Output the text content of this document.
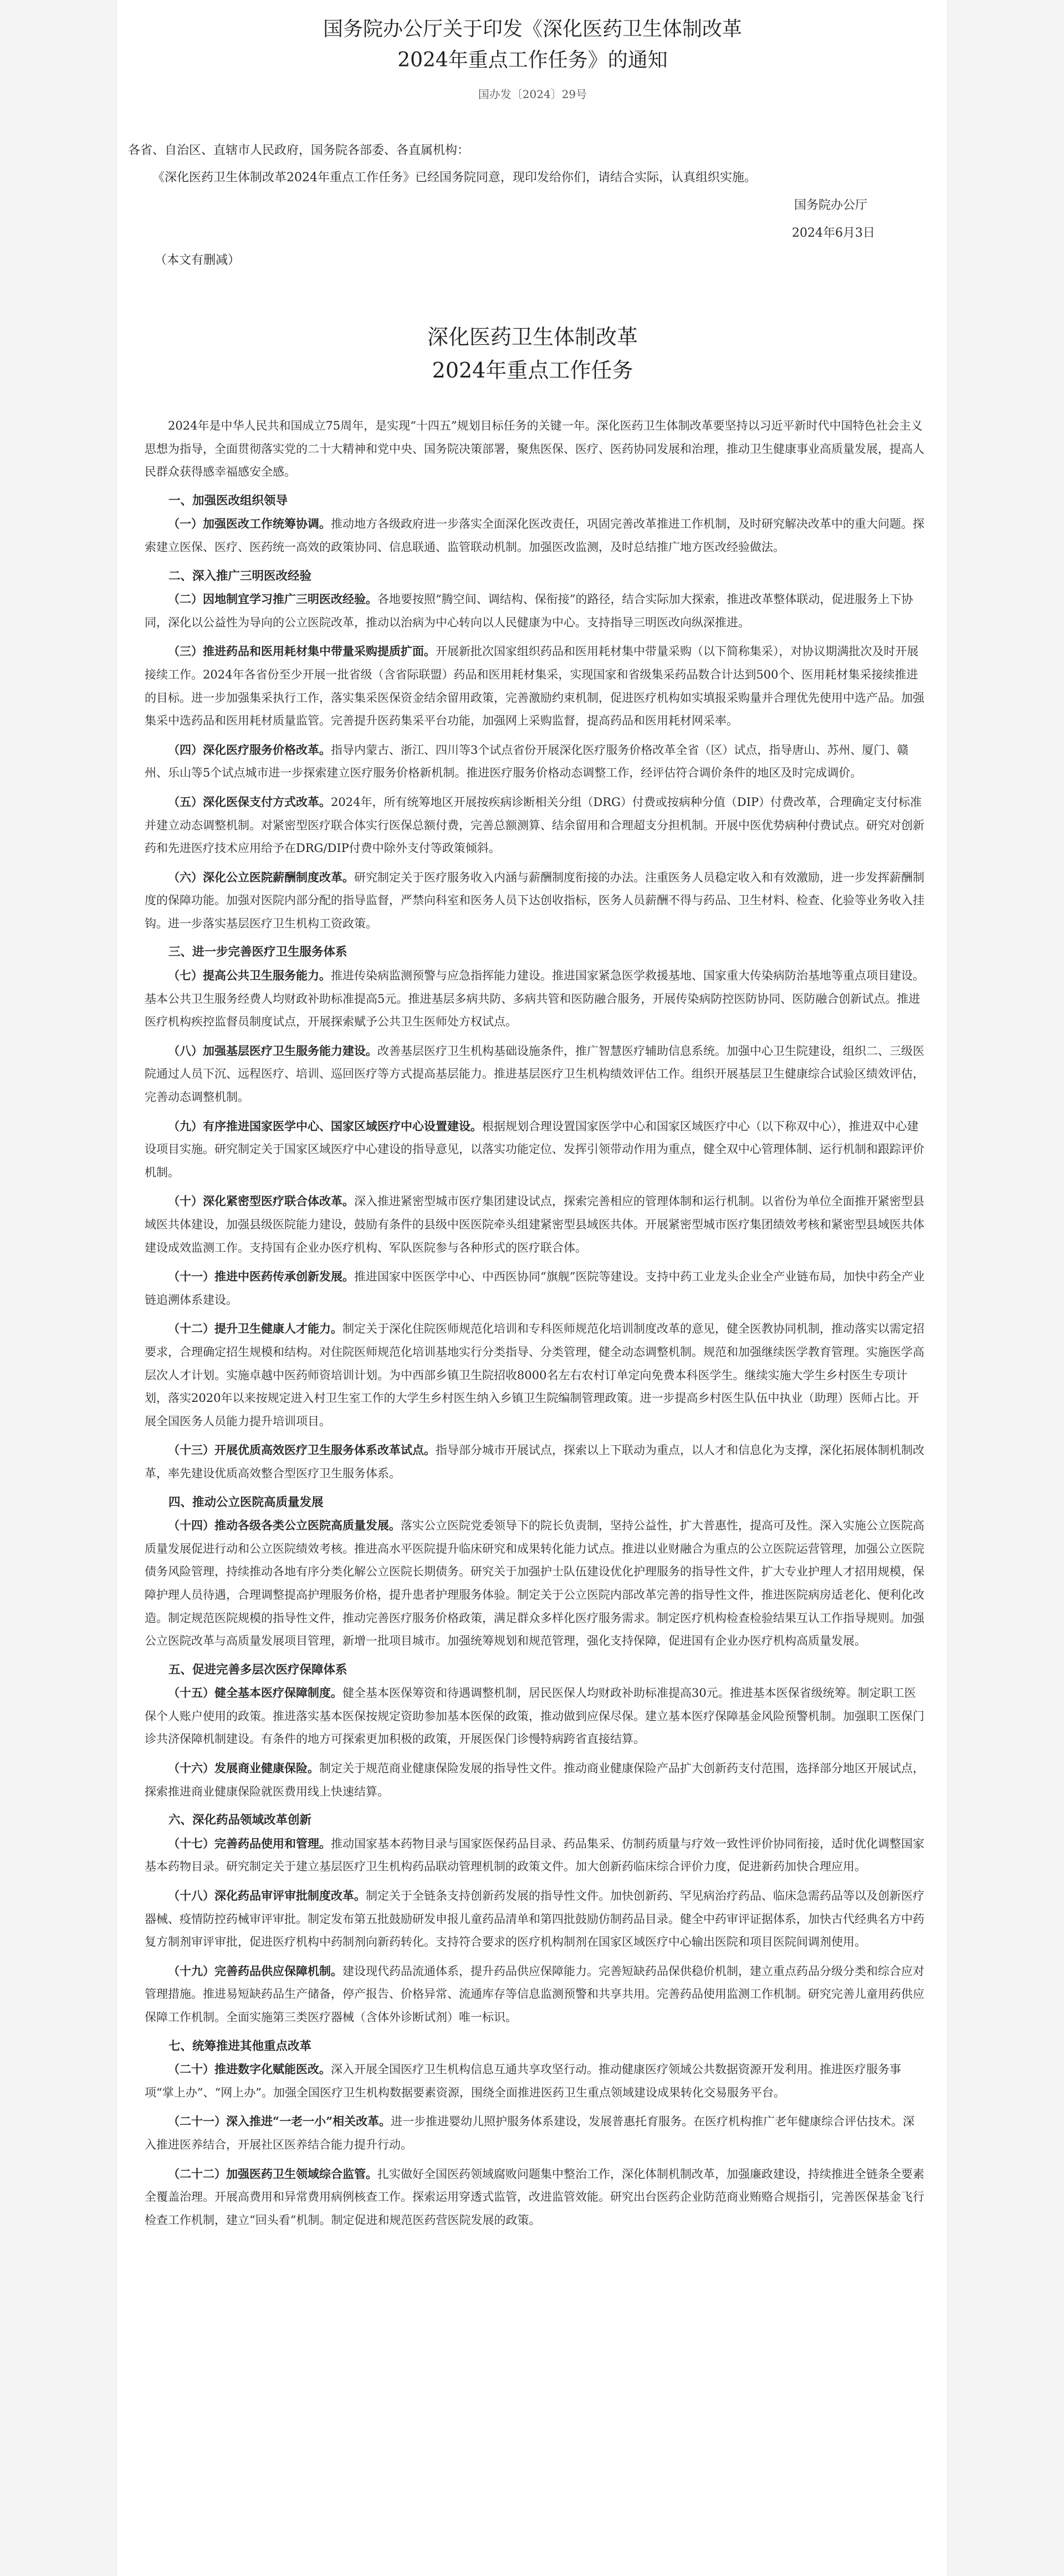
国务院办公厅关于印发《深化医药卫生体制改革
2024年重点工作任务》的通知
国办发〔2024〕29号
各省、自治区、直辖市人民政府，国务院各部委、各直属机构：
《深化医药卫生体制改革2024年重点工作任务》已经国务院同意，现印发给你们，请结合实际，认真组织实施。
国务院办公厅
2024年6月3日
（本文有删减）
深化医药卫生体制改革
2024年重点工作任务

2024年是中华人民共和国成立75周年，是实现“十四五”规划目标任务的关键一年。深化医药卫生体制改革要坚持以习近平新时代中国特色社会主义思想为指导，全面贯彻落实党的二十大精神和党中央、国务院决策部署，聚焦医保、医疗、医药协同发展和治理，推动卫生健康事业高质量发展，提高人民群众获得感幸福感安全感。

一、加强医改组织领导

（一）加强医改工作统筹协调。推动地方各级政府进一步落实全面深化医改责任，巩固完善改革推进工作机制，及时研究解决改革中的重大问题。探索建立医保、医疗、医药统一高效的政策协同、信息联通、监管联动机制。加强医改监测，及时总结推广地方医改经验做法。

二、深入推广三明医改经验

（二）因地制宜学习推广三明医改经验。各地要按照“腾空间、调结构、保衔接”的路径，结合实际加大探索，推进改革整体联动，促进服务上下协同，深化以公益性为导向的公立医院改革，推动以治病为中心转向以人民健康为中心。支持指导三明医改向纵深推进。

（三）推进药品和医用耗材集中带量采购提质扩面。开展新批次国家组织药品和医用耗材集中带量采购（以下简称集采），对协议期满批次及时开展接续工作。2024年各省份至少开展一批省级（含省际联盟）药品和医用耗材集采，实现国家和省级集采药品数合计达到500个、医用耗材集采接续推进的目标。进一步加强集采执行工作，落实集采医保资金结余留用政策，完善激励约束机制，促进医疗机构如实填报采购量并合理优先使用中选产品。加强集采中选药品和医用耗材质量监管。完善提升医药集采平台功能，加强网上采购监督，提高药品和医用耗材网采率。

（四）深化医疗服务价格改革。指导内蒙古、浙江、四川等3个试点省份开展深化医疗服务价格改革全省（区）试点，指导唐山、苏州、厦门、赣州、乐山等5个试点城市进一步探索建立医疗服务价格新机制。推进医疗服务价格动态调整工作，经评估符合调价条件的地区及时完成调价。

（五）深化医保支付方式改革。2024年，所有统筹地区开展按疾病诊断相关分组（DRG）付费或按病种分值（DIP）付费改革，合理确定支付标准并建立动态调整机制。对紧密型医疗联合体实行医保总额付费，完善总额测算、结余留用和合理超支分担机制。开展中医优势病种付费试点。研究对创新药和先进医疗技术应用给予在DRG/DIP付费中除外支付等政策倾斜。

（六）深化公立医院薪酬制度改革。研究制定关于医疗服务收入内涵与薪酬制度衔接的办法。注重医务人员稳定收入和有效激励，进一步发挥薪酬制度的保障功能。加强对医院内部分配的指导监督，严禁向科室和医务人员下达创收指标，医务人员薪酬不得与药品、卫生材料、检查、化验等业务收入挂钩。进一步落实基层医疗卫生机构工资政策。

三、进一步完善医疗卫生服务体系

（七）提高公共卫生服务能力。推进传染病监测预警与应急指挥能力建设。推进国家紧急医学救援基地、国家重大传染病防治基地等重点项目建设。基本公共卫生服务经费人均财政补助标准提高5元。推进基层多病共防、多病共管和医防融合服务，开展传染病防控医防协同、医防融合创新试点。推进医疗机构疾控监督员制度试点，开展探索赋予公共卫生医师处方权试点。

（八）加强基层医疗卫生服务能力建设。改善基层医疗卫生机构基础设施条件，推广智慧医疗辅助信息系统。加强中心卫生院建设，组织二、三级医院通过人员下沉、远程医疗、培训、巡回医疗等方式提高基层能力。推进基层医疗卫生机构绩效评估工作。组织开展基层卫生健康综合试验区绩效评估，完善动态调整机制。

（九）有序推进国家医学中心、国家区域医疗中心设置建设。根据规划合理设置国家医学中心和国家区域医疗中心（以下称双中心），推进双中心建设项目实施。研究制定关于国家区域医疗中心建设的指导意见，以落实功能定位、发挥引领带动作用为重点，健全双中心管理体制、运行机制和跟踪评价机制。

（十）深化紧密型医疗联合体改革。深入推进紧密型城市医疗集团建设试点，探索完善相应的管理体制和运行机制。以省份为单位全面推开紧密型县域医共体建设，加强县级医院能力建设，鼓励有条件的县级中医医院牵头组建紧密型县域医共体。开展紧密型城市医疗集团绩效考核和紧密型县域医共体建设成效监测工作。支持国有企业办医疗机构、军队医院参与各种形式的医疗联合体。

（十一）推进中医药传承创新发展。推进国家中医医学中心、中西医协同“旗舰”医院等建设。支持中药工业龙头企业全产业链布局，加快中药全产业链追溯体系建设。

（十二）提升卫生健康人才能力。制定关于深化住院医师规范化培训和专科医师规范化培训制度改革的意见，健全医教协同机制，推动落实以需定招要求，合理确定招生规模和结构。对住院医师规范化培训基地实行分类指导、分类管理，健全动态调整机制。规范和加强继续医学教育管理。实施医学高层次人才计划。实施卓越中医药师资培训计划。为中西部乡镇卫生院招收8000名左右农村订单定向免费本科医学生。继续实施大学生乡村医生专项计划，落实2020年以来按规定进入村卫生室工作的大学生乡村医生纳入乡镇卫生院编制管理政策。进一步提高乡村医生队伍中执业（助理）医师占比。开展全国医务人员能力提升培训项目。

（十三）开展优质高效医疗卫生服务体系改革试点。指导部分城市开展试点，探索以上下联动为重点，以人才和信息化为支撑，深化拓展体制机制改革，率先建设优质高效整合型医疗卫生服务体系。

四、推动公立医院高质量发展

（十四）推动各级各类公立医院高质量发展。落实公立医院党委领导下的院长负责制，坚持公益性，扩大普惠性，提高可及性。深入实施公立医院高质量发展促进行动和公立医院绩效考核。推进高水平医院提升临床研究和成果转化能力试点。推进以业财融合为重点的公立医院运营管理，加强公立医院债务风险管理，持续推动各地有序分类化解公立医院长期债务。研究关于加强护士队伍建设优化护理服务的指导性文件，扩大专业护理人才招用规模，保障护理人员待遇，合理调整提高护理服务价格，提升患者护理服务体验。制定关于公立医院内部改革完善的指导性文件，推进医院病房适老化、便利化改造。制定规范医院规模的指导性文件，推动完善医疗服务价格政策，满足群众多样化医疗服务需求。制定医疗机构检查检验结果互认工作指导规则。加强公立医院改革与高质量发展项目管理，新增一批项目城市。加强统筹规划和规范管理，强化支持保障，促进国有企业办医疗机构高质量发展。

五、促进完善多层次医疗保障体系

（十五）健全基本医疗保障制度。健全基本医保筹资和待遇调整机制，居民医保人均财政补助标准提高30元。推进基本医保省级统筹。制定职工医保个人账户使用的政策。推进落实基本医保按规定资助参加基本医保的政策，推动做到应保尽保。建立基本医疗保障基金风险预警机制。加强职工医保门诊共济保障机制建设。有条件的地方可探索更加积极的政策，开展医保门诊慢特病跨省直接结算。

（十六）发展商业健康保险。制定关于规范商业健康保险发展的指导性文件。推动商业健康保险产品扩大创新药支付范围，选择部分地区开展试点，探索推进商业健康保险就医费用线上快速结算。

六、深化药品领域改革创新

（十七）完善药品使用和管理。推动国家基本药物目录与国家医保药品目录、药品集采、仿制药质量与疗效一致性评价协同衔接，适时优化调整国家基本药物目录。研究制定关于建立基层医疗卫生机构药品联动管理机制的政策文件。加大创新药临床综合评价力度，促进新药加快合理应用。

（十八）深化药品审评审批制度改革。制定关于全链条支持创新药发展的指导性文件。加快创新药、罕见病治疗药品、临床急需药品等以及创新医疗器械、疫情防控药械审评审批。制定发布第五批鼓励研发申报儿童药品清单和第四批鼓励仿制药品目录。健全中药审评证据体系，加快古代经典名方中药复方制剂审评审批，促进医疗机构中药制剂向新药转化。支持符合要求的医疗机构制剂在国家区域医疗中心输出医院和项目医院间调剂使用。

（十九）完善药品供应保障机制。建设现代药品流通体系，提升药品供应保障能力。完善短缺药品保供稳价机制，建立重点药品分级分类和综合应对管理措施。推进易短缺药品生产储备，停产报告、价格异常、流通库存等信息监测预警和共享共用。完善药品使用监测工作机制。研究完善儿童用药供应保障工作机制。全面实施第三类医疗器械（含体外诊断试剂）唯一标识。

七、统筹推进其他重点改革

（二十）推进数字化赋能医改。深入开展全国医疗卫生机构信息互通共享攻坚行动。推动健康医疗领域公共数据资源开发利用。推进医疗服务事项“掌上办”、“网上办”。加强全国医疗卫生机构数据要素资源，围绕全面推进医药卫生重点领域建设成果转化交易服务平台。

（二十一）深入推进“一老一小”相关改革。进一步推进婴幼儿照护服务体系建设，发展普惠托育服务。在医疗机构推广老年健康综合评估技术。深入推进医养结合，开展社区医养结合能力提升行动。

（二十二）加强医药卫生领域综合监管。扎实做好全国医药领域腐败问题集中整治工作，深化体制机制改革，加强廉政建设，持续推进全链条全要素全覆盖治理。开展高费用和异常费用病例核查工作。探索运用穿透式监管，改进监管效能。研究出台医药企业防范商业贿赂合规指引，完善医保基金飞行检查工作机制，建立“回头看”机制。制定促进和规范医药营医院发展的政策。
